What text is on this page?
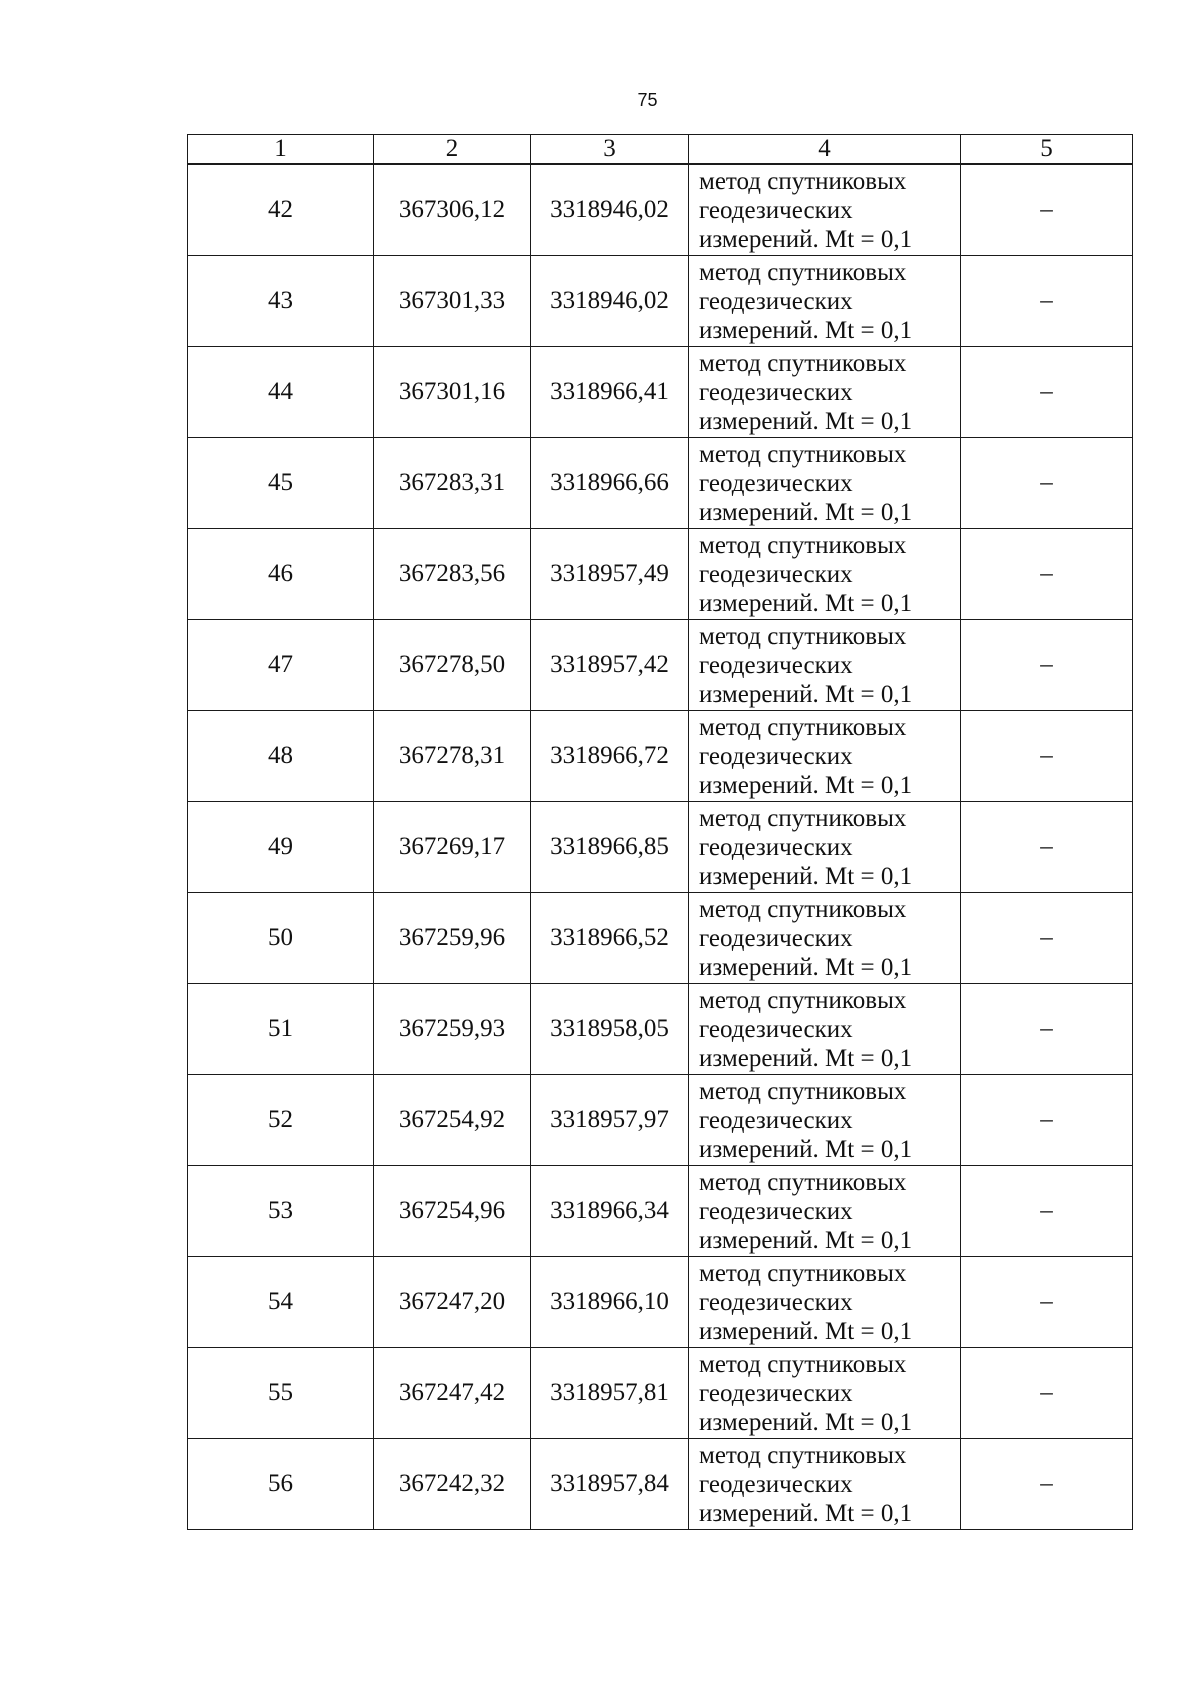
75
1	2	3	4	5
42	367306,12	3318946,02	метод спутниковых
геодезических
измерений. Mt = 0,1	–
43	367301,33	3318946,02	метод спутниковых
геодезических
измерений. Mt = 0,1	–
44	367301,16	3318966,41	метод спутниковых
геодезических
измерений. Mt = 0,1	–
45	367283,31	3318966,66	метод спутниковых
геодезических
измерений. Mt = 0,1	–
46	367283,56	3318957,49	метод спутниковых
геодезических
измерений. Mt = 0,1	–
47	367278,50	3318957,42	метод спутниковых
геодезических
измерений. Mt = 0,1	–
48	367278,31	3318966,72	метод спутниковых
геодезических
измерений. Mt = 0,1	–
49	367269,17	3318966,85	метод спутниковых
геодезических
измерений. Mt = 0,1	–
50	367259,96	3318966,52	метод спутниковых
геодезических
измерений. Mt = 0,1	–
51	367259,93	3318958,05	метод спутниковых
геодезических
измерений. Mt = 0,1	–
52	367254,92	3318957,97	метод спутниковых
геодезических
измерений. Mt = 0,1	–
53	367254,96	3318966,34	метод спутниковых
геодезических
измерений. Mt = 0,1	–
54	367247,20	3318966,10	метод спутниковых
геодезических
измерений. Mt = 0,1	–
55	367247,42	3318957,81	метод спутниковых
геодезических
измерений. Mt = 0,1	–
56	367242,32	3318957,84	метод спутниковых
геодезических
измерений. Mt = 0,1	–
